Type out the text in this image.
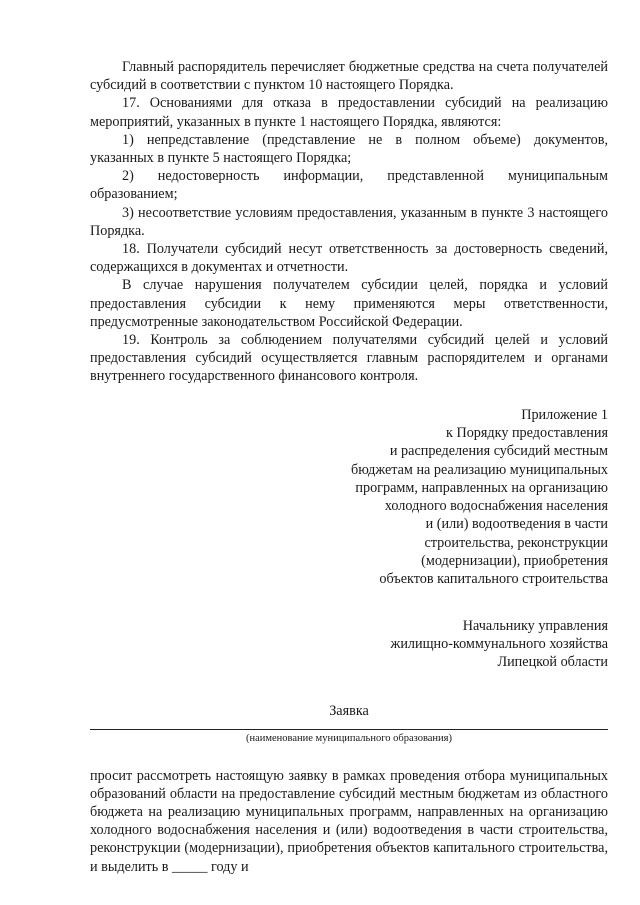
Главный распорядитель перечисляет бюджетные средства на счета получателей субсидий в соответствии с пунктом 10 настоящего Порядка.

17. Основаниями для отказа в предоставлении субсидий на реализацию мероприятий, указанных в пункте 1 настоящего Порядка, являются:

1) непредставление (представление не в полном объеме) документов, указанных в пункте 5 настоящего Порядка;

2) недостоверность информации, представленной муниципальным образованием;

3) несоответствие условиям предоставления, указанным в пункте 3 настоящего Порядка.

18. Получатели субсидий несут ответственность за достоверность сведений, содержащихся в документах и отчетности.

В случае нарушения получателем субсидии целей, порядка и условий предоставления субсидии к нему применяются меры ответственности, предусмотренные законодательством Российской Федерации.

19. Контроль за соблюдением получателями субсидий целей и условий предоставления субсидий осуществляется главным распорядителем и органами внутреннего государственного финансового контроля.

Приложение 1
к Порядку предоставления
и распределения субсидий местным
бюджетам на реализацию муниципальных
программ, направленных на организацию
холодного водоснабжения населения
и (или) водоотведения в части
строительства, реконструкции
(модернизации), приобретения
объектов капитального строительства
Начальнику управления
жилищно-коммунального хозяйства
Липецкой области
Заявка
(наименование муниципального образования)

просит рассмотреть настоящую заявку в рамках проведения отбора муниципальных образований области на предоставление субсидий местным бюджетам из областного бюджета на реализацию муниципальных программ, направленных на организацию холодного водоснабжения населения и (или) водоотведения в части строительства, реконструкции (модернизации), приобретения объектов капитального строительства, и выделить в _____ году и
